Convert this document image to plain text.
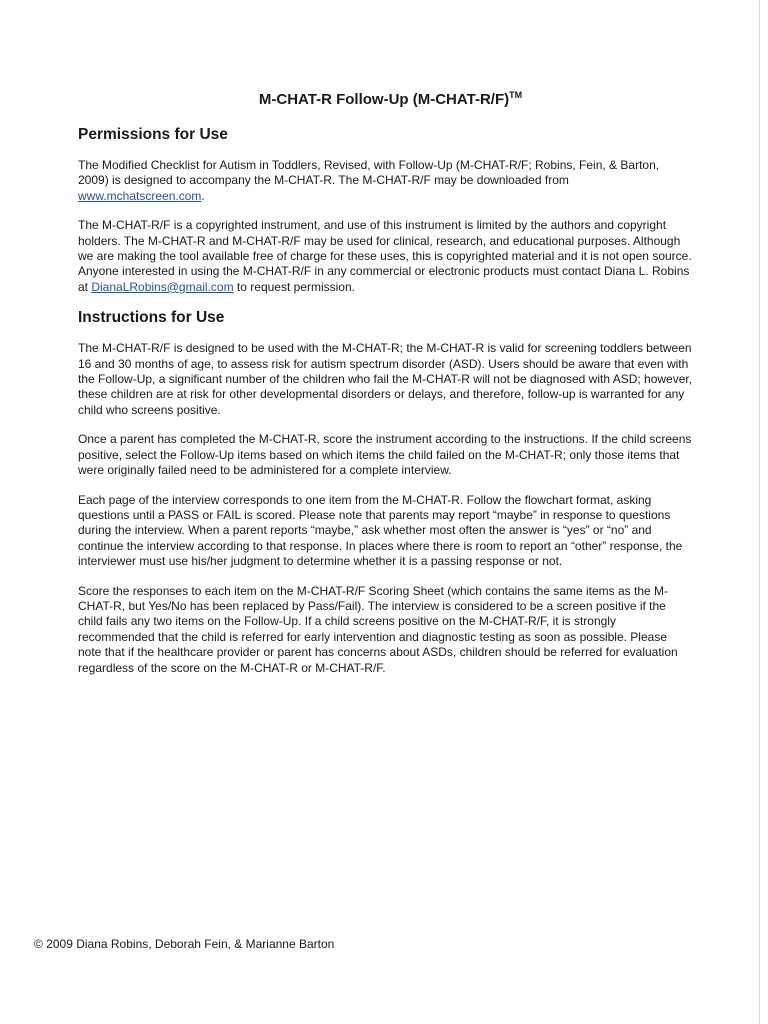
M-CHAT-R Follow-Up (M-CHAT-R/F)™
Permissions for Use

The Modified Checklist for Autism in Toddlers, Revised, with Follow-Up (M-CHAT-R/F; Robins, Fein, & Barton, 2009) is designed to accompany the M-CHAT-R. The M-CHAT-R/F may be downloaded from www.mchatscreen.com.

The M-CHAT-R/F is a copyrighted instrument, and use of this instrument is limited by the authors and copyright holders. The M-CHAT-R and M-CHAT-R/F may be used for clinical, research, and educational purposes. Although we are making the tool available free of charge for these uses, this is copyrighted material and it is not open source. Anyone interested in using the M-CHAT-R/F in any commercial or electronic products must contact Diana L. Robins at DianaLRobins@gmail.com to request permission.

Instructions for Use

The M-CHAT-R/F is designed to be used with the M-CHAT-R; the M-CHAT-R is valid for screening toddlers between 16 and 30 months of age, to assess risk for autism spectrum disorder (ASD). Users should be aware that even with the Follow-Up, a significant number of the children who fail the M-CHAT-R will not be diagnosed with ASD; however, these children are at risk for other developmental disorders or delays, and therefore, follow-up is warranted for any child who screens positive.

Once a parent has completed the M-CHAT-R, score the instrument according to the instructions. If the child screens positive, select the Follow-Up items based on which items the child failed on the M-CHAT-R; only those items that were originally failed need to be administered for a complete interview.

Each page of the interview corresponds to one item from the M-CHAT-R. Follow the flowchart format, asking questions until a PASS or FAIL is scored. Please note that parents may report “maybe” in response to questions during the interview. When a parent reports “maybe,” ask whether most often the answer is “yes” or “no” and continue the interview according to that response. In places where there is room to report an “other” response, the interviewer must use his/her judgment to determine whether it is a passing response or not.

Score the responses to each item on the M-CHAT-R/F Scoring Sheet (which contains the same items as the M-CHAT-R, but Yes/No has been replaced by Pass/Fail). The interview is considered to be a screen positive if the child fails any two items on the Follow-Up. If a child screens positive on the M-CHAT-R/F, it is strongly recommended that the child is referred for early intervention and diagnostic testing as soon as possible. Please note that if the healthcare provider or parent has concerns about ASDs, children should be referred for evaluation regardless of the score on the M-CHAT-R or M-CHAT-R/F.

© 2009 Diana Robins, Deborah Fein, & Marianne Barton
